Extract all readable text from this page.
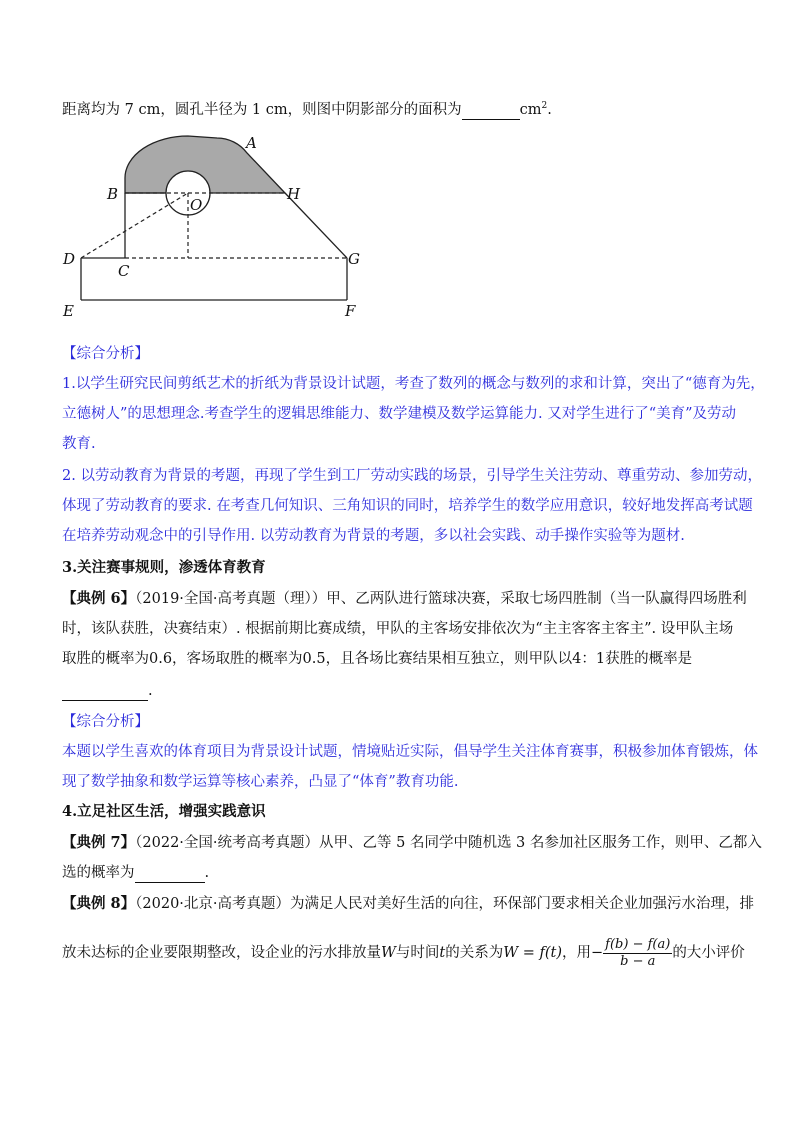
距离均为 7 cm，圆孔半径为 1 cm，则图中阴影部分的面积为	$cm^2$.
A
B	H
O
D
C
G
E	F
【综合分析】
1.以学生研究民间剪纸艺术的折纸为背景设计试题，考查了数列的概念与数列的求和计算，突出了“德育为先，
立德树人”的思想理念.考查学生的逻辑思维能力、数学建模及数学运算能力. 又对学生进行了“美育”及劳动
教育.
2. 以劳动教育为背景的考题，再现了学生到工厂劳动实践的场景，引导学生关注劳动、尊重劳动、参加劳动，
体现了劳动教育的要求. 在考查几何知识、三角知识的同时，培养学生的数学应用意识，较好地发挥高考试题
在培养劳动观念中的引导作用. 以劳动教育为背景的考题，多以社会实践、动手操作实验等为题材.
3.关注赛事规则，渗透体育教育
【典例 6】（2019·全国·高考真题（理））甲、乙两队进行篮球决赛，采取七场四胜制（当一队赢得四场胜利
时，该队获胜，决赛结束）. 根据前期比赛成绩，甲队的主客场安排依次为“主主客客主客主”. 设甲队主场
取胜的概率为0.6，客场取胜的概率为0.5，且各场比赛结果相互独立，则甲队以4：1获胜的概率是
.
【综合分析】
本题以学生喜欢的体育项目为背景设计试题，情境贴近实际，倡导学生关注体育赛事，积极参加体育锻炼，体
现了数学抽象和数学运算等核心素养，凸显了“体育”教育功能.
4.立足社区生活，增强实践意识
【典例 7】（2022·全国·统考高考真题）从甲、乙等 5 名同学中随机选 3 名参加社区服务工作，则甲、乙都入
选的概率为	.
【典例 8】（2020·北京·高考真题）为满足人民对美好生活的向往，环保部门要求相关企业加强污水治理，排
放未达标的企业要限期整改，设企业的污水排放量W与时间t的关系为W = f(t)，用− $\frac{f(b) - f(a)}{b - a}$ 的大小评价
